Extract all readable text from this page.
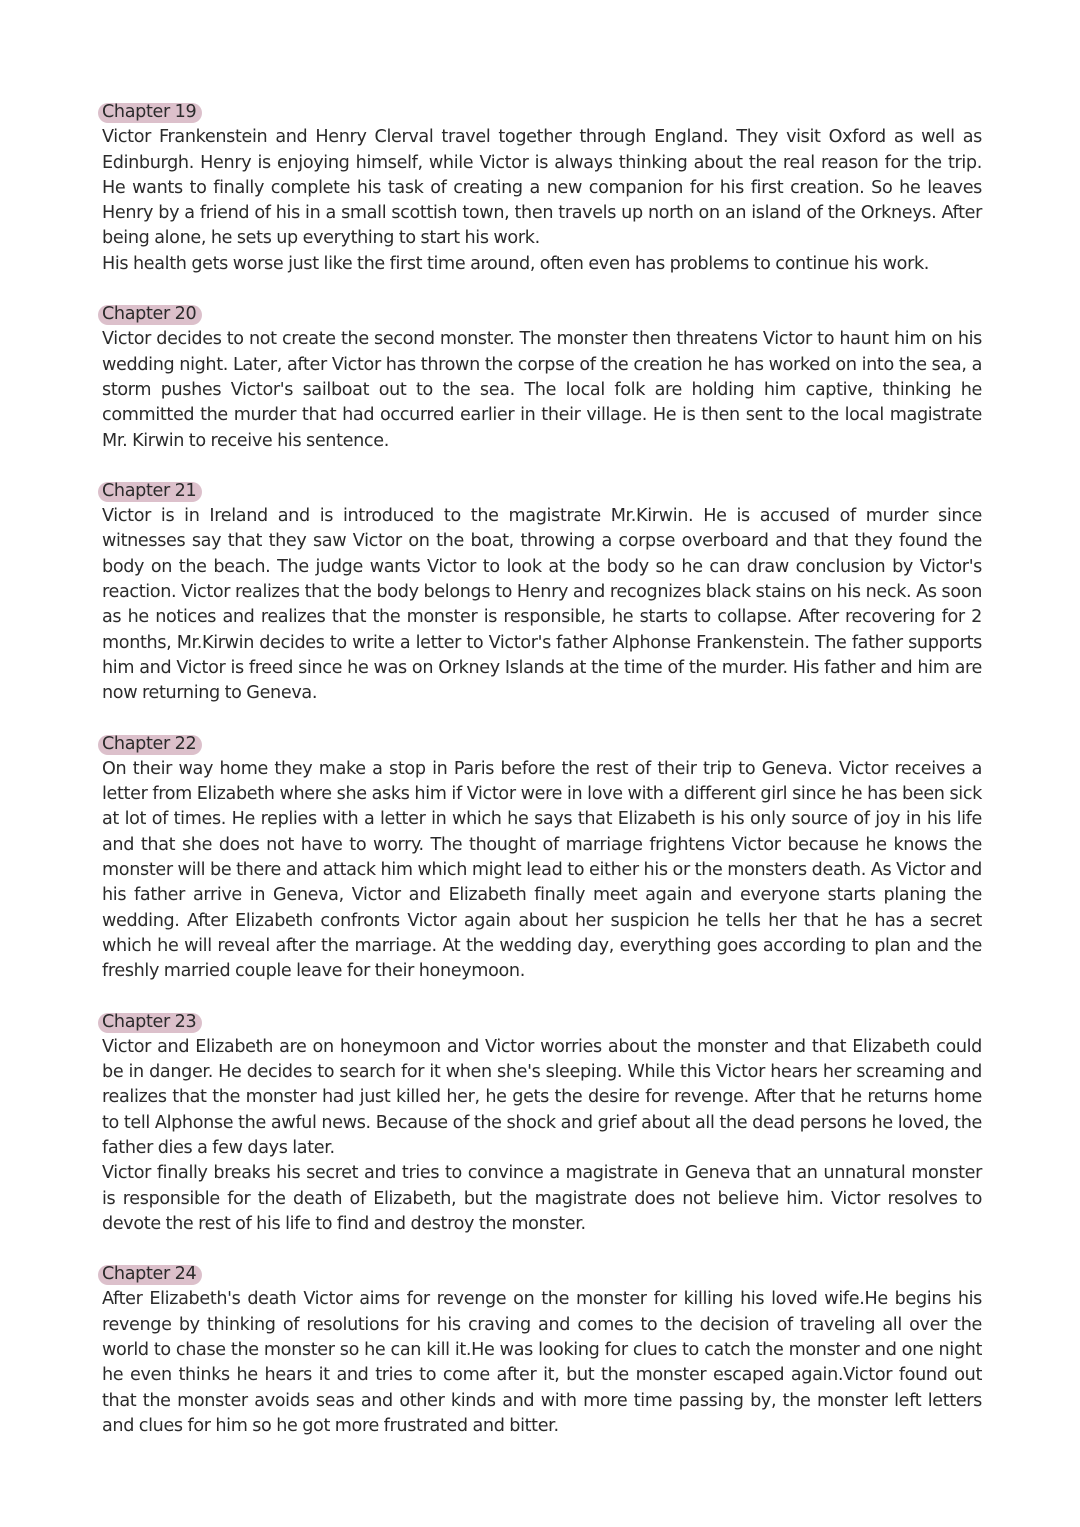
Chapter 19

Victor Frankenstein and Henry Clerval travel together through England. They visit Oxford as well as Edinburgh. Henry is enjoying himself, while Victor is always thinking about the real reason for the trip. He wants to finally complete his task of creating a new companion for his first creation. So he leaves Henry by a friend of his in a small scottish town, then travels up north on an island of the Orkneys. After being alone, he sets up everything to start his work.

His health gets worse just like the first time around, often even has problems to continue his work.

Chapter 20

Victor decides to not create the second monster. The monster then threatens Victor to haunt him on his wedding night. Later, after Victor has thrown the corpse of the creation he has worked on into the sea, a storm pushes Victor's sailboat out to the sea. The local folk are holding him captive, thinking he committed the murder that had occurred earlier in their village. He is then sent to the local magistrate Mr. Kirwin to receive his sentence.

Chapter 21

Victor is in Ireland and is introduced to the magistrate Mr.Kirwin. He is accused of murder since witnesses say that they saw Victor on the boat, throwing a corpse overboard and that they found the body on the beach. The judge wants Victor to look at the body so he can draw conclusion by Victor's reaction. Victor realizes that the body belongs to Henry and recognizes black stains on his neck. As soon as he notices and realizes that the monster is responsible, he starts to collapse. After recovering for 2 months, Mr.Kirwin decides to write a letter to Victor's father Alphonse Frankenstein. The father supports him and Victor is freed since he was on Orkney Islands at the time of the murder. His father and him are now returning to Geneva.

Chapter 22

On their way home they make a stop in Paris before the rest of their trip to Geneva. Victor receives a letter from Elizabeth where she asks him if Victor were in love with a different girl since he has been sick at lot of times. He replies with a letter in which he says that Elizabeth is his only source of joy in his life and that she does not have to worry. The thought of marriage frightens Victor because he knows the monster will be there and attack him which might lead to either his or the monsters death. As Victor and his father arrive in Geneva, Victor and Elizabeth finally meet again and everyone starts planing the wedding. After Elizabeth confronts Victor again about her suspicion he tells her that he has a secret which he will reveal after the marriage. At the wedding day, everything goes according to plan and the freshly married couple leave for their honeymoon.

Chapter 23

Victor and Elizabeth are on honeymoon and Victor worries about the monster and that Elizabeth could be in danger. He decides to search for it when she's sleeping. While this Victor hears her screaming and realizes that the monster had just killed her, he gets the desire for revenge. After that he returns home to tell Alphonse the awful news. Because of the shock and grief about all the dead persons he loved, the father dies a few days later.

Victor finally breaks his secret and tries to convince a magistrate in Geneva that an unnatural monster is responsible for the death of Elizabeth, but the magistrate does not believe him. Victor resolves to devote the rest of his life to find and destroy the monster.

Chapter 24

After Elizabeth's death Victor aims for revenge on the monster for killing his loved wife.He begins his revenge by thinking of resolutions for his craving and comes to the decision of traveling all over the world to chase the monster so he can kill it.He was looking for clues to catch the monster and one night he even thinks he hears it and tries to come after it, but the monster escaped again.Victor found out that the monster avoids seas and other kinds and with more time passing by, the monster left letters and clues for him so he got more frustrated and bitter.
